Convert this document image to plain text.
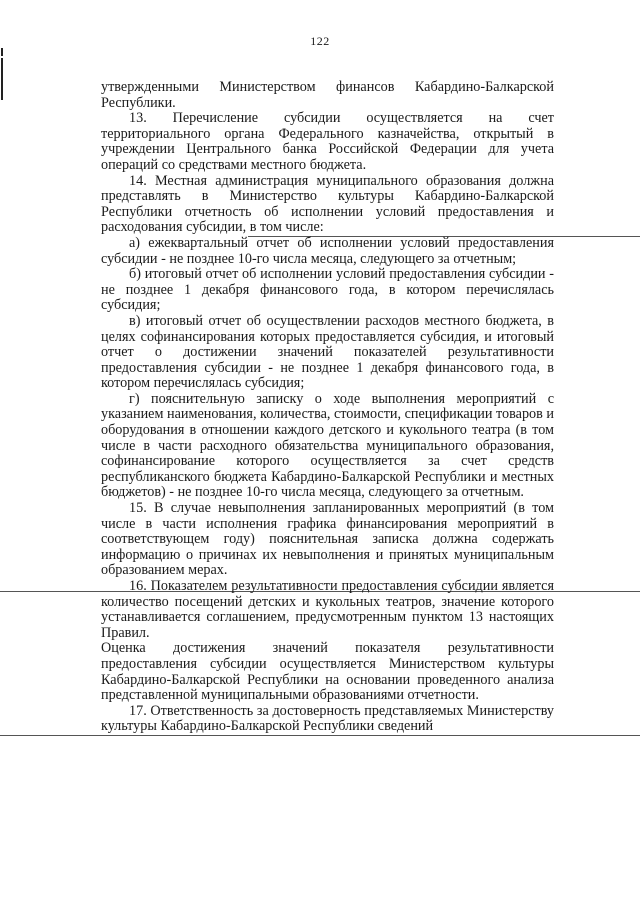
122

утвержденными Министерством финансов Кабардино-Балкарской Республики.

13. Перечисление субсидии осуществляется на счет территориального органа Федерального казначейства, открытый в учреждении Центрального банка Российской Федерации для учета операций со средствами местного бюджета.

14. Местная администрация муниципального образования должна представлять в Министерство культуры Кабардино-Балкарской Республики отчетность об исполнении условий предоставления и расходования субсидии, в том числе:

а) ежеквартальный отчет об исполнении условий предоставления субсидии - не позднее 10-го числа месяца, следующего за отчетным;

б) итоговый отчет об исполнении условий предоставления субсидии - не позднее 1 декабря финансового года, в котором перечислялась субсидия;

в) итоговый отчет об осуществлении расходов местного бюджета, в целях софинансирования которых предоставляется субсидия, и итоговый отчет о достижении значений показателей результативности предоставления субсидии - не позднее 1 декабря финансового года, в котором перечислялась субсидия;

г) пояснительную записку о ходе выполнения мероприятий с указанием наименования, количества, стоимости, спецификации товаров и оборудования в отношении каждого детского и кукольного театра (в том числе в части расходного обязательства муниципального образования, софинансирование которого осуществляется за счет средств республиканского бюджета Кабардино-Балкарской Республики и местных бюджетов) - не позднее 10-го числа месяца, следующего за отчетным.

15. В случае невыполнения запланированных мероприятий (в том числе в части исполнения графика финансирования мероприятий в соответствующем году) пояснительная записка должна содержать информацию о причинах их невыполнения и принятых муниципальным образованием мерах.

16. Показателем результативности предоставления субсидии является количество посещений детских и кукольных театров, значение которого устанавливается соглашением, предусмотренным пунктом 13 настоящих Правил.

Оценка достижения значений показателя результативности предоставления субсидии осуществляется Министерством культуры Кабардино-Балкарской Республики на основании проведенного анализа представленной муниципальными образованиями отчетности.

17. Ответственность за достоверность представляемых Министерству культуры Кабардино-Балкарской Республики сведений
